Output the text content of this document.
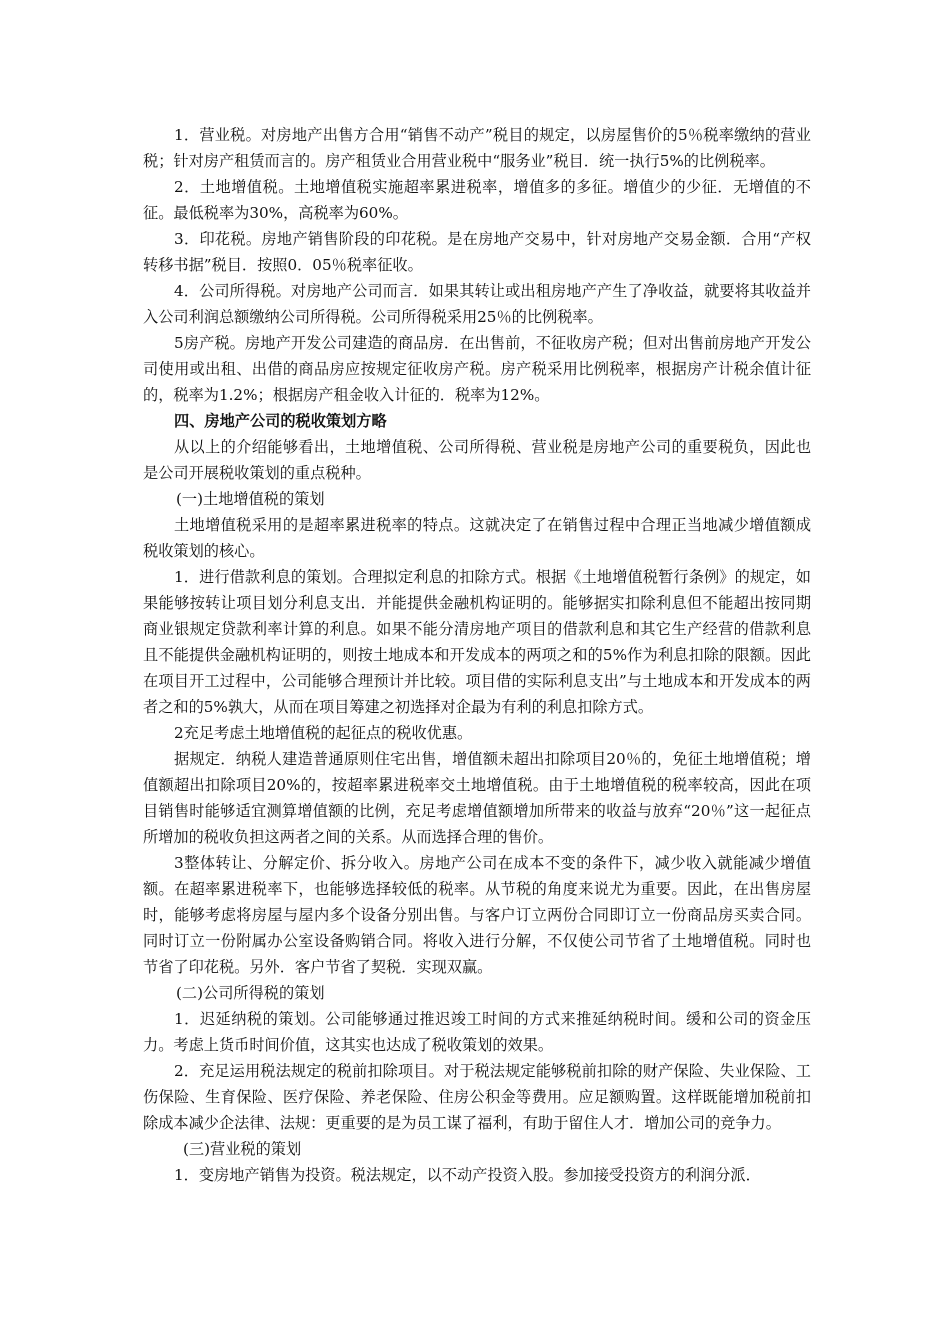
1．营业税。对房地产出售方合用“销售不动产”税目的规定，以房屋售价的5％税率缴纳的营业税；针对房产租赁而言的。房产租赁业合用营业税中“服务业”税目．统一执行5%的比例税率。

2．土地增值税。土地增值税实施超率累进税率，增值多的多征。增值少的少征．无增值的不征。最低税率为30%，高税率为60%。

3．印花税。房地产销售阶段的印花税。是在房地产交易中，针对房地产交易金额．合用“产权转移书据”税目．按照0．05％税率征收。

4．公司所得税。对房地产公司而言．如果其转让或出租房地产产生了净收益，就要将其收益并入公司利润总额缴纳公司所得税。公司所得税采用25％的比例税率。

5房产税。房地产开发公司建造的商品房．在出售前，不征收房产税；但对出售前房地产开发公司使用或出租、出借的商品房应按规定征收房产税。房产税采用比例税率，根据房产计税余值计征的，税率为1.2%；根据房产租金收入计征的．税率为12%。

四、房地产公司的税收策划方略

从以上的介绍能够看出，土地增值税、公司所得税、营业税是房地产公司的重要税负，因此也是公司开展税收策划的重点税种。

(一)土地增值税的策划

土地增值税采用的是超率累进税率的特点。这就决定了在销售过程中合理正当地减少增值额成税收策划的核心。

1．进行借款利息的策划。合理拟定利息的扣除方式。根据《土地增值税暂行条例》的规定，如果能够按转让项目划分利息支出．并能提供金融机构证明的。能够据实扣除利息但不能超出按同期商业银规定贷款利率计算的利息。如果不能分清房地产项目的借款利息和其它生产经营的借款利息且不能提供金融机构证明的，则按土地成本和开发成本的两项之和的5%作为利息扣除的限额。因此在项目开工过程中，公司能够合理预计并比较。项目借的实际利息支出”与土地成本和开发成本的两者之和的5%孰大，从而在项目筹建之初选择对企最为有利的利息扣除方式。

2充足考虑土地增值税的起征点的税收优惠。

据规定．纳税人建造普通原则住宅出售，增值额未超出扣除项目20％的，免征土地增值税；增值额超出扣除项目20%的，按超率累进税率交土地增值税。由于土地增值税的税率较高，因此在项目销售时能够适宜测算增值额的比例，充足考虑增值额增加所带来的收益与放弃“20％”这一起征点所增加的税收负担这两者之间的关系。从而选择合理的售价。

3整体转让、分解定价、拆分收入。房地产公司在成本不变的条件下，减少收入就能减少增值额。在超率累进税率下，也能够选择较低的税率。从节税的角度来说尤为重要。因此，在出售房屋时，能够考虑将房屋与屋内多个设备分别出售。与客户订立两份合同即订立一份商品房买卖合同。同时订立一份附属办公室设备购销合同。将收入进行分解，不仅使公司节省了土地增值税。同时也节省了印花税。另外．客户节省了契税．实现双赢。

(二)公司所得税的策划

1．迟延纳税的策划。公司能够通过推迟竣工时间的方式来推延纳税时间。缓和公司的资金压力。考虑上货币时间价值，这其实也达成了税收策划的效果。

2．充足运用税法规定的税前扣除项目。对于税法规定能够税前扣除的财产保险、失业保险、工伤保险、生育保险、医疗保险、养老保险、住房公积金等费用。应足额购置。这样既能增加税前扣除成本减少企法律、法规：更重要的是为员工谋了福利，有助于留住人才．增加公司的竞争力。

(三)营业税的策划

1．变房地产销售为投资。税法规定，以不动产投资入股。参加接受投资方的利润分派．
